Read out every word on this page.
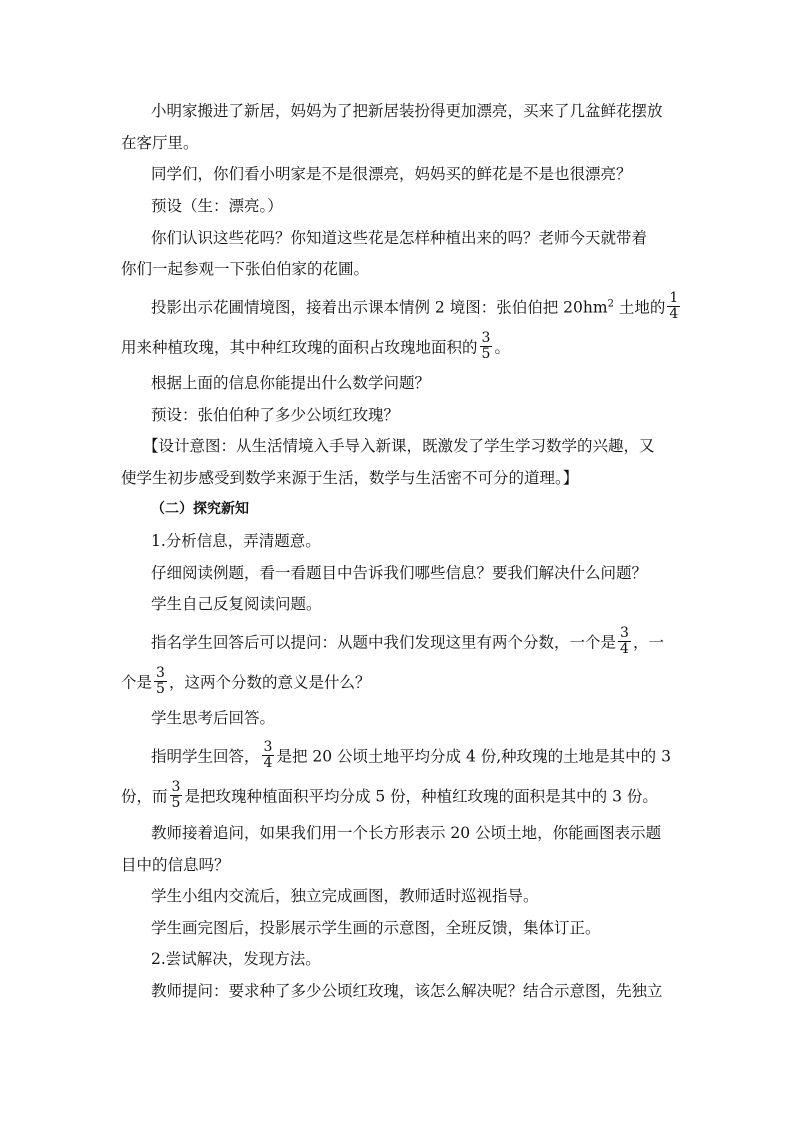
小明家搬进了新居，妈妈为了把新居装扮得更加漂亮，买来了几盆鲜花摆放
在客厅里。
同学们，你们看小明家是不是很漂亮，妈妈买的鲜花是不是也很漂亮？
预设（生：漂亮。）
你们认识这些花吗？你知道这些花是怎样种植出来的吗？老师今天就带着
你们一起参观一下张伯伯家的花圃。
投影出示花圃情境图，接着出示课本情例 2 境图：张伯伯把 $20hm^2$ 土地的 $\frac{1}{4}$
用来种植玫瑰，其中种红玫瑰的面积占玫瑰地面积的 $\frac{3}{5}$ 。
根据上面的信息你能提出什么数学问题？
预设：张伯伯种了多少公顷红玫瑰？
【设计意图：从生活情境入手导入新课，既激发了学生学习数学的兴趣，又
使学生初步感受到数学来源于生活，数学与生活密不可分的道理。】
（二）探究新知
1.分析信息，弄清题意。
仔细阅读例题，看一看题目中告诉我们哪些信息？要我们解决什么问题？
学生自己反复阅读问题。
指名学生回答后可以提问：从题中我们发现这里有两个分数，一个是 $\frac{3}{4}$ ，一
个是 $\frac{3}{5}$ ，这两个分数的意义是什么？
学生思考后回答。
指明学生回答， $\frac{3}{4}$ 是把 20 公顷土地平均分成 4 份,种玫瑰的土地是其中的 3
份，而 $\frac{3}{5}$ 是把玫瑰种植面积平均分成 5 份，种植红玫瑰的面积是其中的 3 份。
教师接着追问，如果我们用一个长方形表示 20 公顷土地，你能画图表示题
目中的信息吗？
学生小组内交流后，独立完成画图，教师适时巡视指导。
学生画完图后，投影展示学生画的示意图，全班反馈，集体订正。
2.尝试解决，发现方法。
教师提问：要求种了多少公顷红玫瑰，该怎么解决呢？结合示意图，先独立
